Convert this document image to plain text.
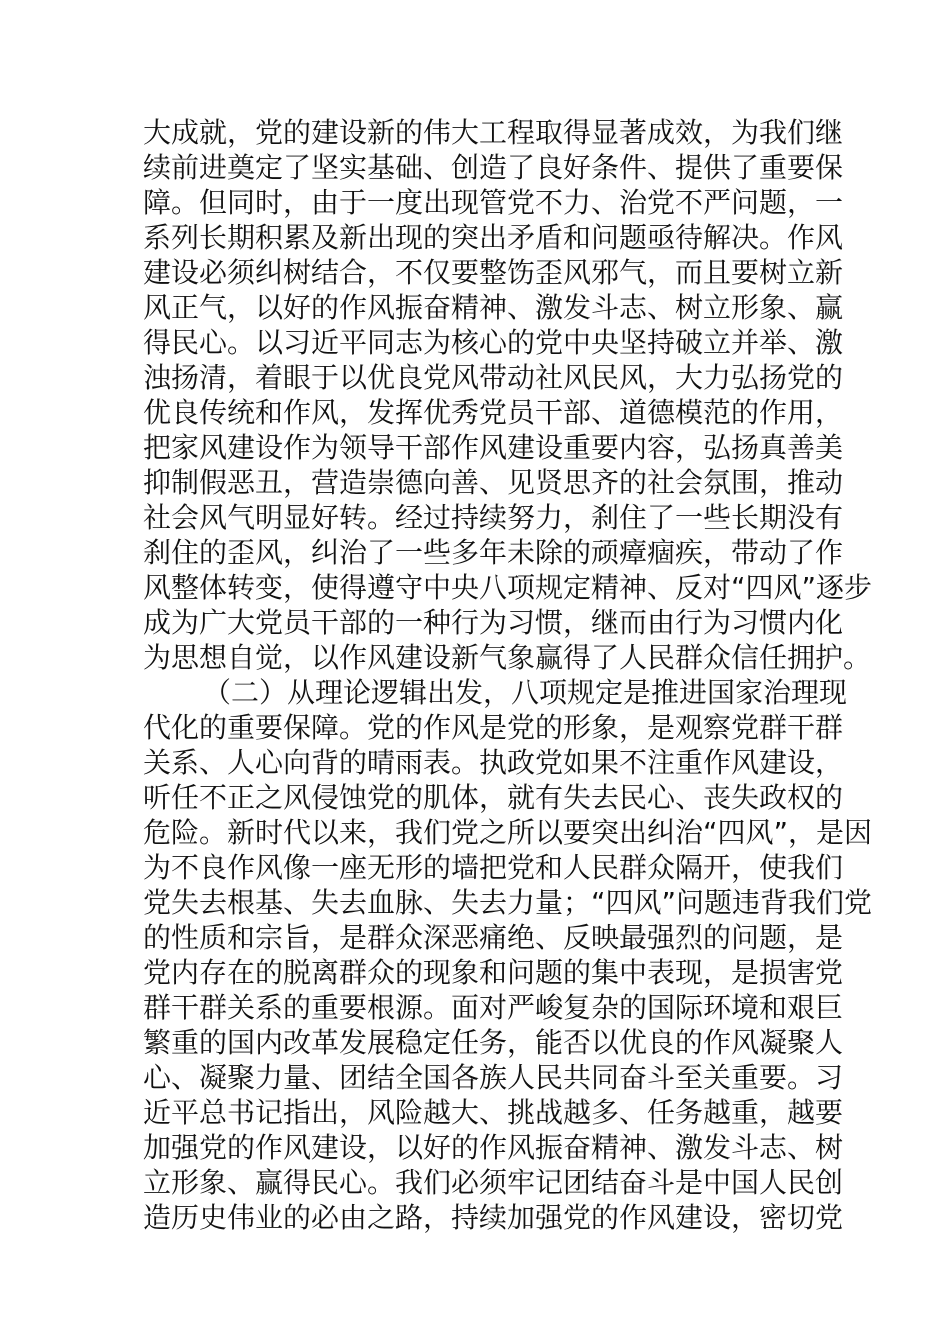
大成就，党的建设新的伟大工程取得显著成效，为我们继
续前进奠定了坚实基础、创造了良好条件、提供了重要保
障。但同时，由于一度出现管党不力、治党不严问题，一
系列长期积累及新出现的突出矛盾和问题亟待解决。作风
建设必须纠树结合，不仅要整饬歪风邪气，而且要树立新
风正气，以好的作风振奋精神、激发斗志、树立形象、赢
得民心。以习近平同志为核心的党中央坚持破立并举、激
浊扬清，着眼于以优良党风带动社风民风，大力弘扬党的
优良传统和作风，发挥优秀党员干部、道德模范的作用，
把家风建设作为领导干部作风建设重要内容，弘扬真善美
抑制假恶丑，营造崇德向善、见贤思齐的社会氛围，推动
社会风气明显好转。经过持续努力，刹住了一些长期没有
刹住的歪风，纠治了一些多年未除的顽瘴痼疾，带动了作
风整体转变，使得遵守中央八项规定精神、反对“四风”逐步
成为广大党员干部的一种行为习惯，继而由行为习惯内化
为思想自觉，以作风建设新气象赢得了人民群众信任拥护。
（二）从理论逻辑出发，八项规定是推进国家治理现
代化的重要保障。党的作风是党的形象，是观察党群干群
关系、人心向背的晴雨表。执政党如果不注重作风建设，
听任不正之风侵蚀党的肌体，就有失去民心、丧失政权的
危险。新时代以来，我们党之所以要突出纠治“四风”，是因
为不良作风像一座无形的墙把党和人民群众隔开，使我们
党失去根基、失去血脉、失去力量；“四风”问题违背我们党
的性质和宗旨，是群众深恶痛绝、反映最强烈的问题，是
党内存在的脱离群众的现象和问题的集中表现，是损害党
群干群关系的重要根源。面对严峻复杂的国际环境和艰巨
繁重的国内改革发展稳定任务，能否以优良的作风凝聚人
心、凝聚力量、团结全国各族人民共同奋斗至关重要。习
近平总书记指出，风险越大、挑战越多、任务越重，越要
加强党的作风建设，以好的作风振奋精神、激发斗志、树
立形象、赢得民心。我们必须牢记团结奋斗是中国人民创
造历史伟业的必由之路，持续加强党的作风建设，密切党
